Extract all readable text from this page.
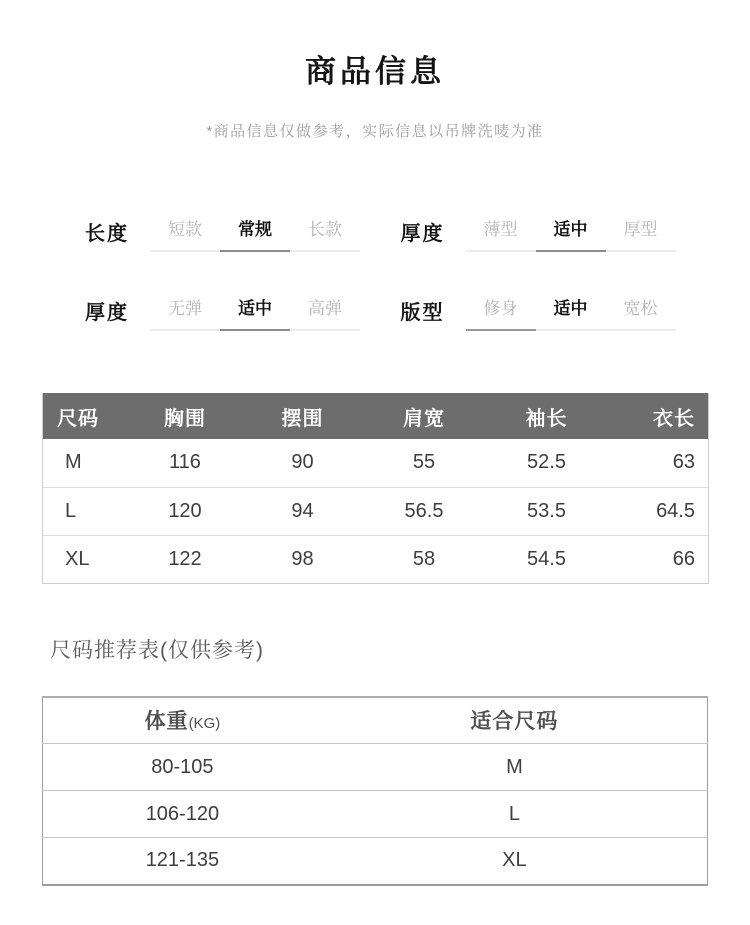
商品信息

*商品信息仅做参考，实际信息以吊牌洗唛为准

长度	短款	常规	长款	厚度	薄型	适中	厚型
厚度	无弹	适中	高弹	版型	修身	适中	宽松
尺码	胸围	摆围	肩宽	袖长	衣长
M	116	90	55	52.5	63
L	120	94	56.5	53.5	64.5
XL	122	98	58	54.5	66
尺码推荐表(仅供参考)
体重(KG)	适合尺码
80-105	M
106-120	L
121-135	XL
